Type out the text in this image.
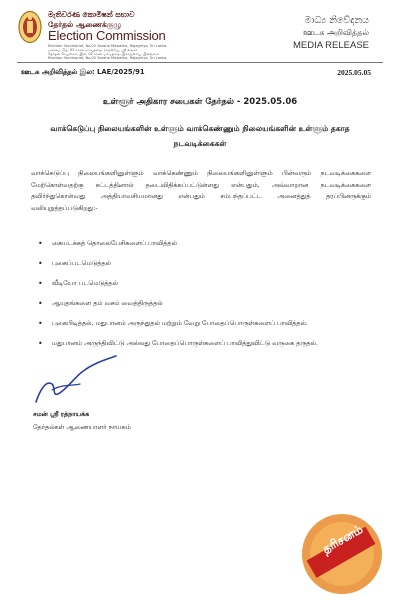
මැතිවරණ කොමිෂන් සභාව
தேர்தல் ஆணைக்குழு
Election Commission
Election Secretariat, No.02 Sarana Mawatha, Rajagiriya, Sri Lanka
மகரகம, நெ. 02 சரண மாவத்தை, ராஜகிரிய, ஸ்ரீ லங்கா
தேர்தல் செயலகம், இல. 02 சரண மாவத்தை, இராஜகிரிய, இலங்கை
Election Secretariat, No.02 Sarana Mawatha, Rajagiriya, Sri Lanka
මාධ්‍ය නිවේදනය
ஊடக அறிவித்தல்
MEDIA RELEASE
ஊடக அறிவித்தல் இல: LAE/2025/91	2025.05.05
உள்ளூர் அதிகார சபைகள் தேர்தல் - 2025.05.06
வாக்கெடுப்பு நிலையங்களின் உள்ளும் வாக்கெண்ணும் நிலையங்களின் உள்ளும் தகாத நடவடிக்கைகள்
வாக்கெடுப்பு நிலையங்களினுள்ளும் வாக்கெண்ணும் நிலையங்களினுள்ளும் பின்வரும் நடவடிக்கைகளை மேற்கொள்வதற்கு சட்டத்தினால் தடைவிதிக்கப்பட்டுள்ளது என்பதும், அவ்வாறான நடவடிக்கைகளை தவிர்ந்துகொள்வது அத்தியாவசியமானது என்பதும் சம்பந்தப்பட்ட அனைத்துத் தரப்பினருக்கும் வலியுறுத்தப்படுகிறது:-
• கையடக்கத் தொலைபேசிகளைப் பாவித்தல்
• புகைப்படமெடுத்தல்
• வீடியோ படமெடுத்தல்
• ஆயுதங்களை தம் வசம் வைத்திருத்தல்
• புகைபிடித்தல், மதுபானம் அருந்துதல் மற்றும் வேறு போதைப்பொருள்களைப் பாவித்தல்.
• மதுபானம் அருந்திவிட்டு அல்லது போதைப்பொருள்களைப் பாவித்துவிட்டு வருகை தருதல்.
சமன் ஸ்ரீ ரத்நாயக்க
தேர்தல்கள் ஆணையாளர் நாயகம்
தரிசனம்
